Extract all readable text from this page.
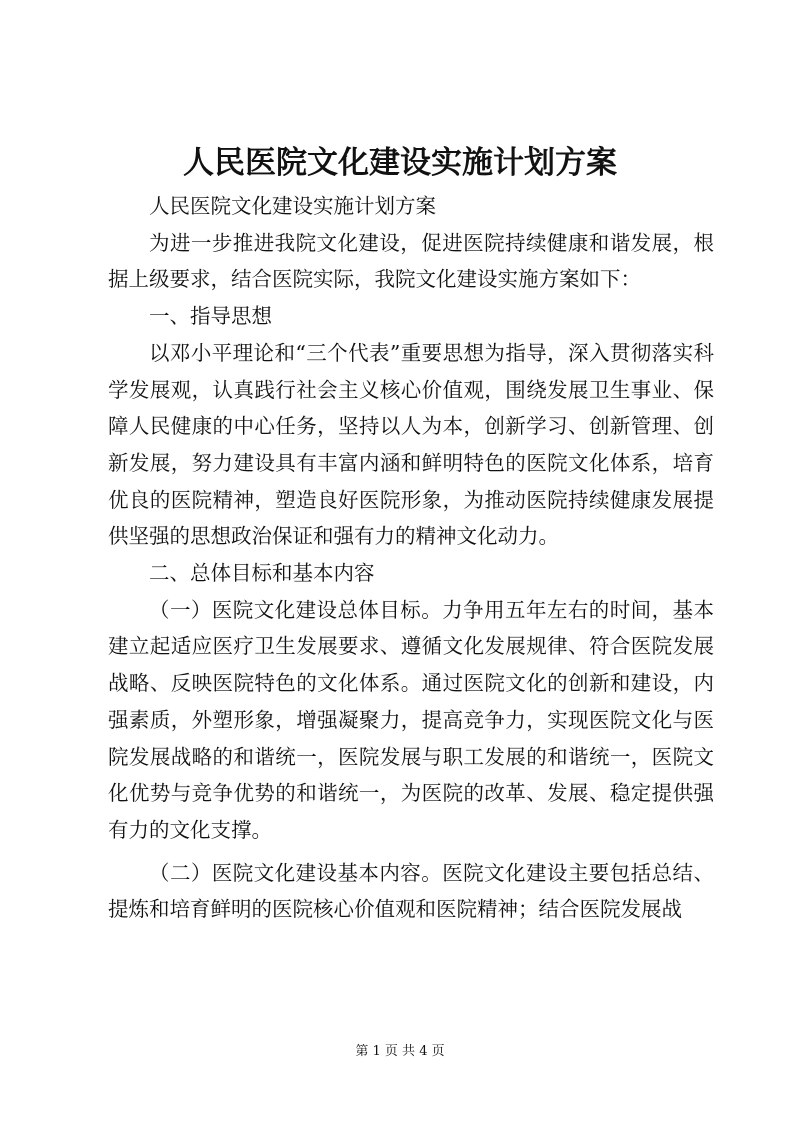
人民医院文化建设实施计划方案

人民医院文化建设实施计划方案

为进一步推进我院文化建设，促进医院持续健康和谐发展，根据上级要求，结合医院实际，我院文化建设实施方案如下：

一、指导思想

以邓小平理论和“三个代表”重要思想为指导，深入贯彻落实科学发展观，认真践行社会主义核心价值观，围绕发展卫生事业、保障人民健康的中心任务，坚持以人为本，创新学习、创新管理、创新发展，努力建设具有丰富内涵和鲜明特色的医院文化体系，培育优良的医院精神，塑造良好医院形象，为推动医院持续健康发展提供坚强的思想政治保证和强有力的精神文化动力。

二、总体目标和基本内容

（一）医院文化建设总体目标。力争用五年左右的时间，基本建立起适应医疗卫生发展要求、遵循文化发展规律、符合医院发展战略、反映医院特色的文化体系。通过医院文化的创新和建设，内强素质，外塑形象，增强凝聚力，提高竞争力，实现医院文化与医院发展战略的和谐统一，医院发展与职工发展的和谐统一，医院文化优势与竞争优势的和谐统一，为医院的改革、发展、稳定提供强有力的文化支撑。

（二）医院文化建设基本内容。医院文化建设主要包括总结、提炼和培育鲜明的医院核心价值观和医院精神；结合医院发展战

第 1 页 共 4 页
